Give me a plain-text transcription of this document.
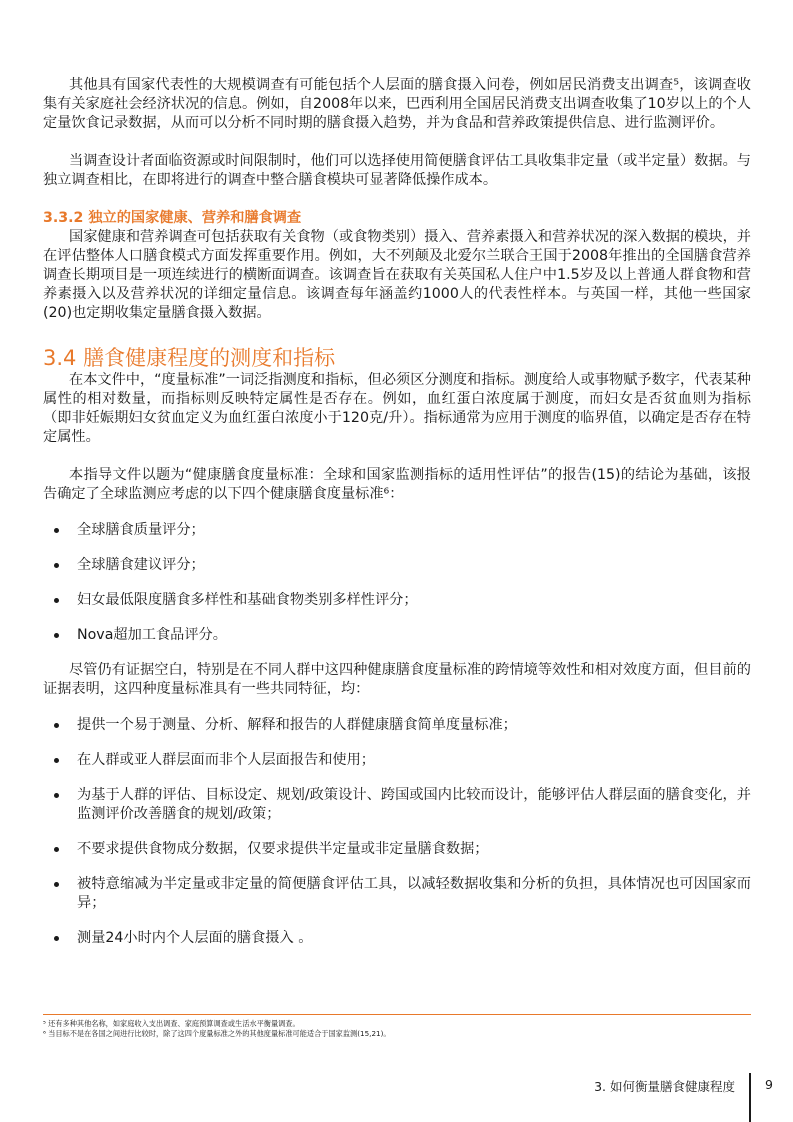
其他具有国家代表性的大规模调查有可能包括个人层面的膳食摄入问卷，例如居民消费支出调查⁵，该调查收集有关家庭社会经济状况的信息。例如，自2008年以来，巴西利用全国居民消费支出调查收集了10岁以上的个人定量饮食记录数据，从而可以分析不同时期的膳食摄入趋势，并为食品和营养政策提供信息、进行监测评价。

当调查设计者面临资源或时间限制时，他们可以选择使用简便膳食评估工具收集非定量（或半定量）数据。与独立调查相比，在即将进行的调查中整合膳食模块可显著降低操作成本。

3.3.2 独立的国家健康、营养和膳食调查

国家健康和营养调查可包括获取有关食物（或食物类别）摄入、营养素摄入和营养状况的深入数据的模块，并在评估整体人口膳食模式方面发挥重要作用。例如，大不列颠及北爱尔兰联合王国于2008年推出的全国膳食营养调查长期项目是一项连续进行的横断面调查。该调查旨在获取有关英国私人住户中1.5岁及以上普通人群食物和营养素摄入以及营养状况的详细定量信息。该调查每年涵盖约1000人的代表性样本。与英国一样，其他一些国家(20)也定期收集定量膳食摄入数据。

3.4 膳食健康程度的测度和指标

在本文件中，“度量标准”一词泛指测度和指标，但必须区分测度和指标。测度给人或事物赋予数字，代表某种属性的相对数量，而指标则反映特定属性是否存在。例如，血红蛋白浓度属于测度，而妇女是否贫血则为指标（即非妊娠期妇女贫血定义为血红蛋白浓度小于120克/升）。指标通常为应用于测度的临界值，以确定是否存在特定属性。

本指导文件以题为“健康膳食度量标准：全球和国家监测指标的适用性评估”的报告(15)的结论为基础，该报告确定了全球监测应考虑的以下四个健康膳食度量标准⁶：

全球膳食质量评分；
全球膳食建议评分；
妇女最低限度膳食多样性和基础食物类别多样性评分；
Nova超加工食品评分。

尽管仍有证据空白，特别是在不同人群中这四种健康膳食度量标准的跨情境等效性和相对效度方面，但目前的证据表明，这四种度量标准具有一些共同特征，均：

提供一个易于测量、分析、解释和报告的人群健康膳食简单度量标准；
在人群或亚人群层面而非个人层面报告和使用；
为基于人群的评估、目标设定、规划/政策设计、跨国或国内比较而设计，能够评估人群层面的膳食变化，并监测评价改善膳食的规划/政策；
不要求提供食物成分数据，仅要求提供半定量或非定量膳食数据；
被特意缩减为半定量或非定量的简便膳食评估工具，以减轻数据收集和分析的负担，具体情况也可因国家而异；
测量24小时内个人层面的膳食摄入 。
⁵ 还有多种其他名称，如家庭收入支出调查、家庭预算调查或生活水平衡量调查。
⁶ 当目标不是在各国之间进行比较时，除了这四个度量标准之外的其他度量标准可能适合于国家监测(15,21)。
3. 如何衡量膳食健康程度 9
